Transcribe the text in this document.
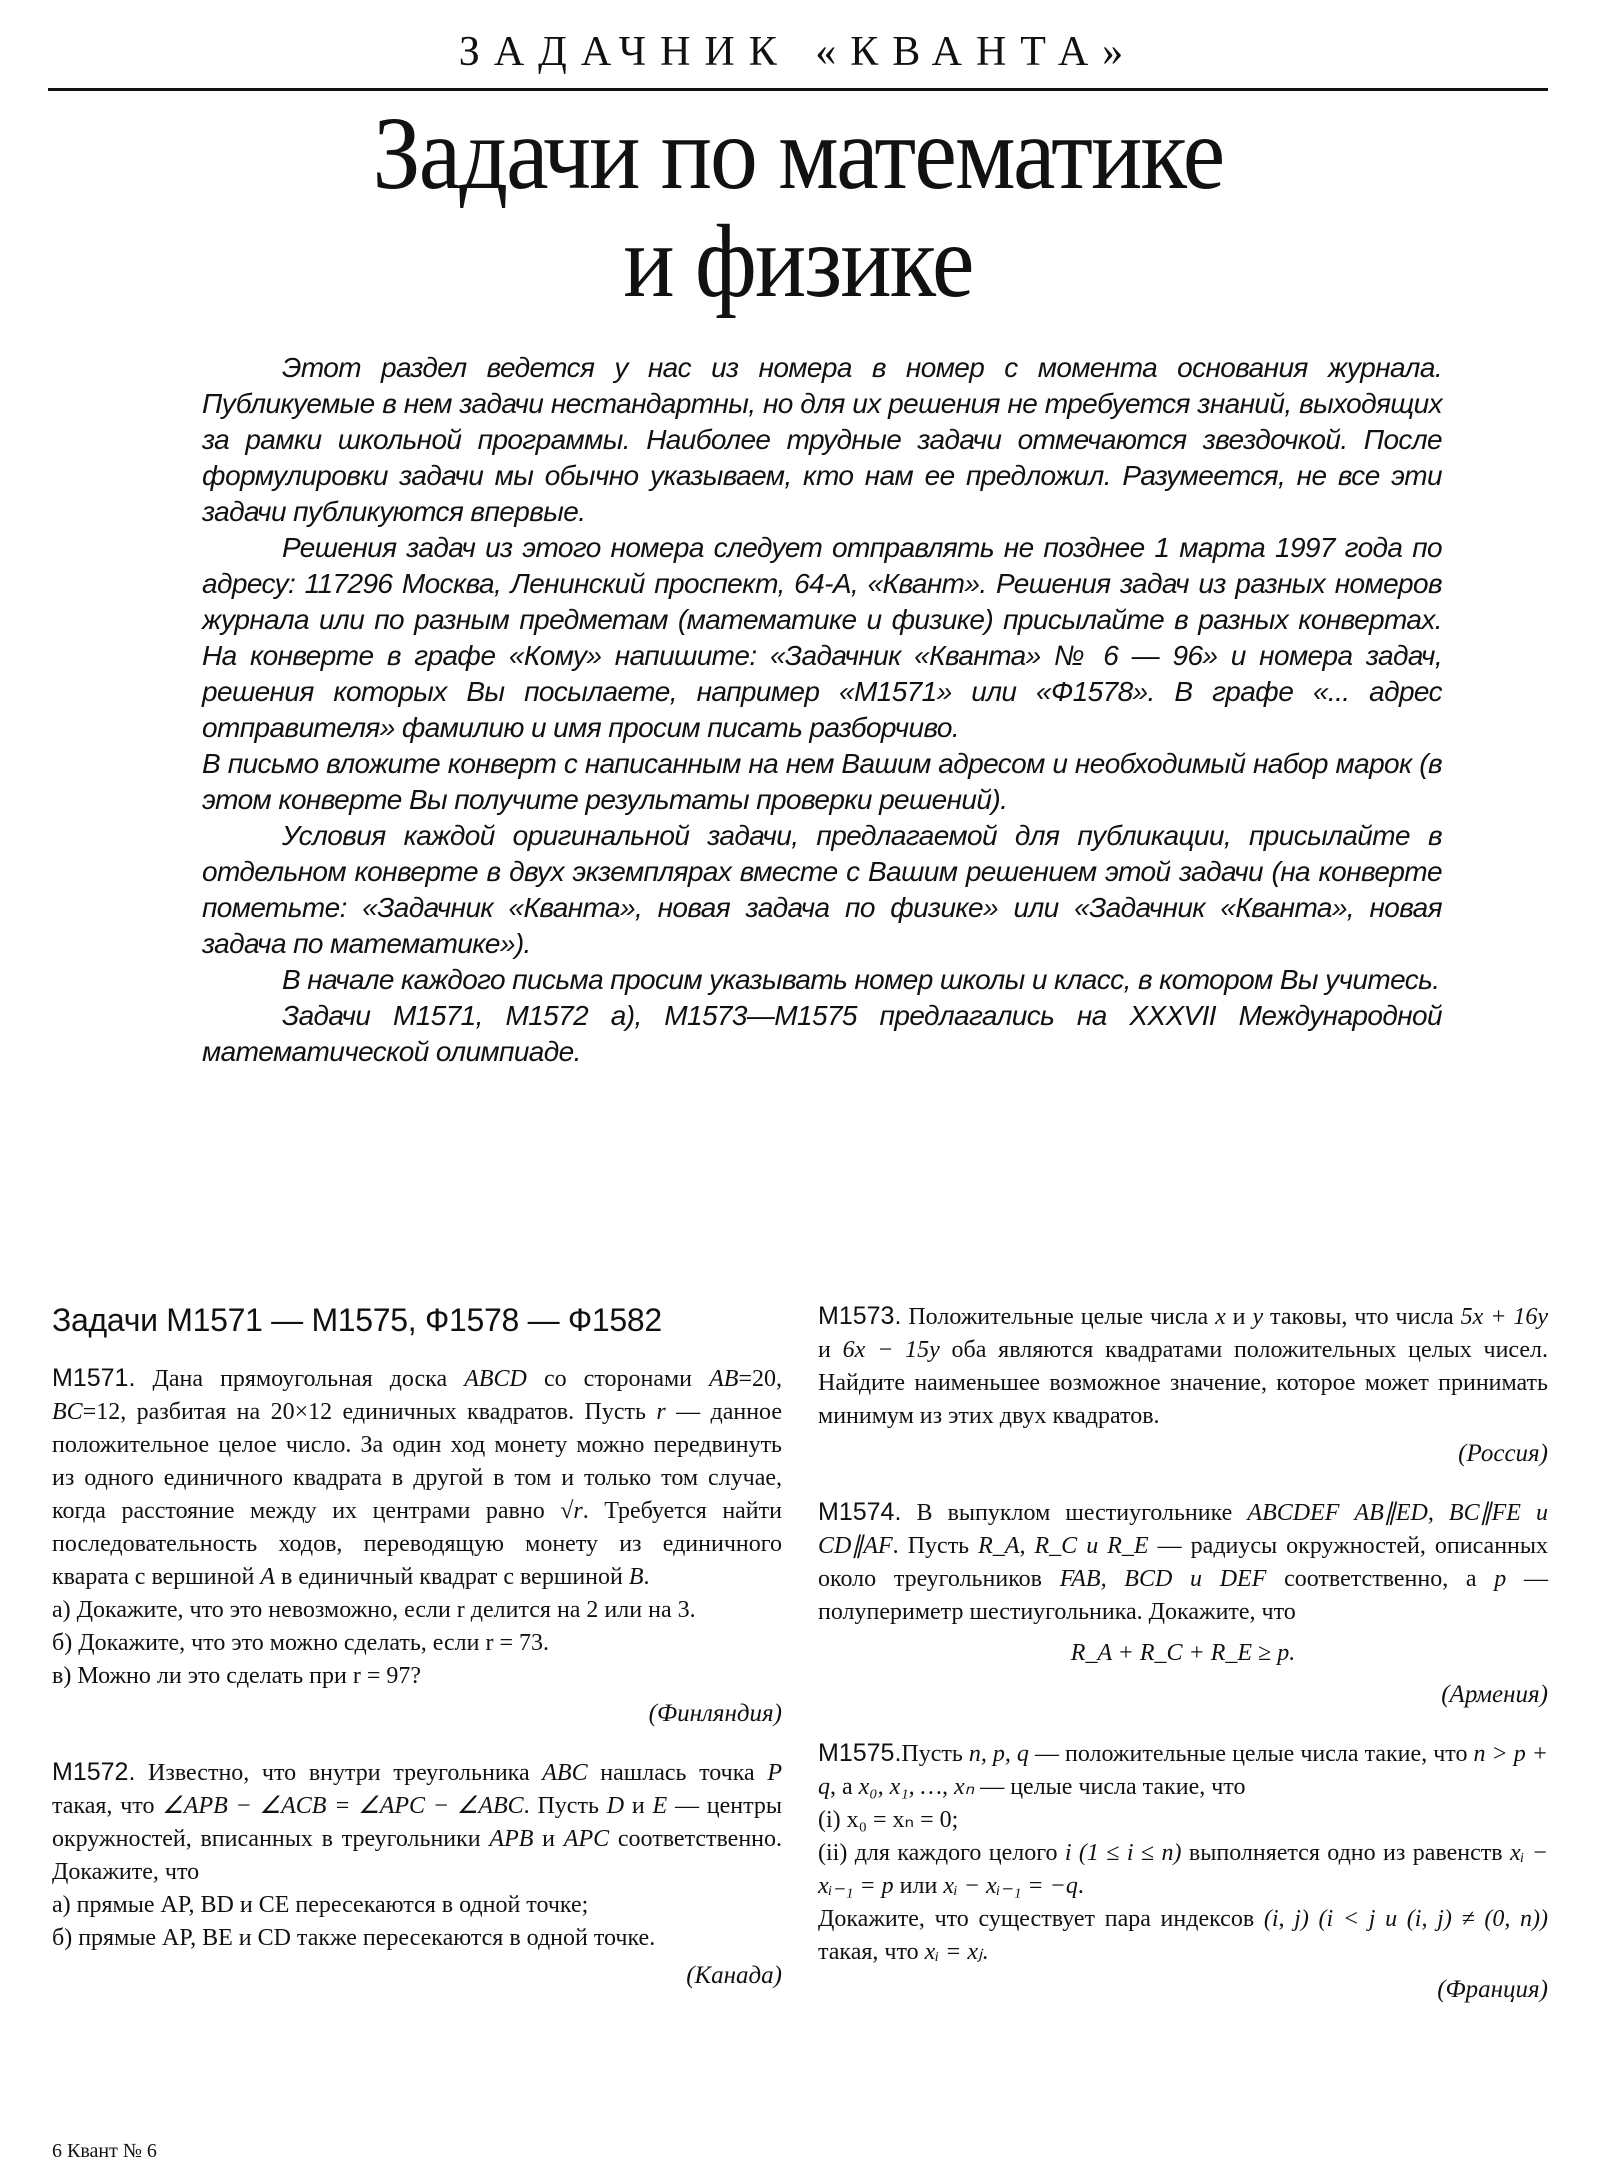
ЗАДАЧНИК «КВАНТА»
Задачи по математике
и физике

Этот раздел ведется у нас из номера в номер с момента основания журнала. Публикуемые в нем задачи нестандартны, но для их решения не требуется знаний, выходящих за рамки школьной программы. Наиболее трудные задачи отмечаются звездочкой. После формулировки задачи мы обычно указываем, кто нам ее предложил. Разумеется, не все эти задачи публикуются впервые.

Решения задач из этого номера следует отправлять не позднее 1 марта 1997 года по адресу: 117296 Москва, Ленинский проспект, 64-А, «Квант». Решения задач из разных номеров журнала или по разным предметам (математике и физике) присылайте в разных конвертах. На конверте в графе «Кому» напишите: «Задачник «Кванта» № 6 — 96» и номера задач, решения которых Вы посылаете, например «М1571» или «Ф1578». В графе «... адрес отправителя» фамилию и имя просим писать разборчиво.

В письмо вложите конверт с написанным на нем Вашим адресом и необходимый набор марок (в этом конверте Вы получите результаты проверки решений).

Условия каждой оригинальной задачи, предлагаемой для публикации, присылайте в отдельном конверте в двух экземплярах вместе с Вашим решением этой задачи (на конверте пометьте: «Задачник «Кванта», новая задача по физике» или «Задачник «Кванта», новая задача по математике»).

В начале каждого письма просим указывать номер школы и класс, в котором Вы учитесь.

Задачи М1571, М1572 а), М1573—М1575 предлагались на XXXVII Международной математической олимпиаде.

Задачи М1571 — М1575, Ф1578 — Ф1582

М1571. Дана прямоугольная доска ABCD со сторонами AB=20, BC=12, разбитая на 20×12 единичных квадратов. Пусть r — данное положительное целое число. За один ход монету можно передвинуть из одного единичного квадрата в другой в том и только том случае, когда расстояние между их центрами равно √r. Требуется найти последовательность ходов, переводящую монету из единичного кварата с вершиной A в единичный квадрат с вершиной B.

а) Докажите, что это невозможно, если r делится на 2 или на 3.

б) Докажите, что это можно сделать, если r = 73.

в) Можно ли это сделать при r = 97?

(Финляндия)

М1572. Известно, что внутри треугольника ABC нашлась точка P такая, что ∠APB − ∠ACB = ∠APC − ∠ABC. Пусть D и E — центры окружностей, вписанных в треугольники APB и APC соответственно. Докажите, что

а) прямые AP, BD и CE пересекаются в одной точке;

б) прямые AP, BE и CD также пересекаются в одной точке.

(Канада)

М1573. Положительные целые числа x и y таковы, что числа 5x + 16y и 6x − 15y оба являются квадратами положительных целых чисел. Найдите наименьшее возможное значение, которое может принимать минимум из этих двух квадратов.

(Россия)

М1574. В выпуклом шестиугольнике ABCDEF AB∥ED, BC∥FE и CD∥AF. Пусть R_A, R_C и R_E — радиусы окружностей, описанных около треугольников FAB, BCD и DEF соответственно, а p — полупериметр шестиугольника. Докажите, что

R_A + R_C + R_E ≥ p.
(Армения)

М1575.Пусть n, p, q — положительные целые числа такие, что n > p + q, а x₀, x₁, …, xₙ — целые числа такие, что

(i) x₀ = xₙ = 0;

(ii) для каждого целого i (1 ≤ i ≤ n) выполняется одно из равенств xᵢ − xᵢ₋₁ = p или xᵢ − xᵢ₋₁ = −q.

Докажите, что существует пара индексов (i, j) (i < j и (i, j) ≠ (0, n)) такая, что xᵢ = xⱼ.

(Франция)
6 Квант № 6
